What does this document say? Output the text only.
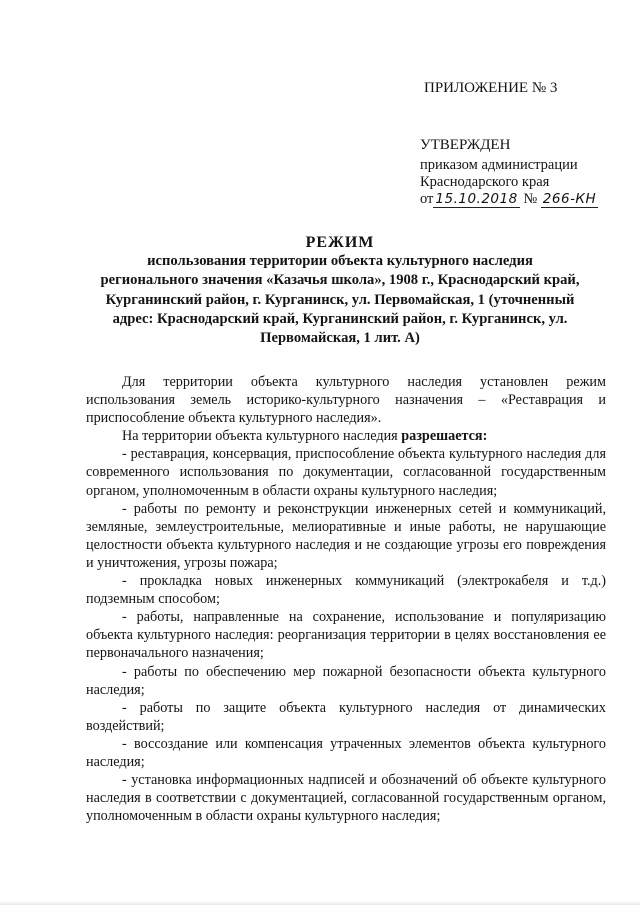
ПРИЛОЖЕНИЕ № 3
УТВЕРЖДЕН
приказом администрации
Краснодарского края
от 15.10.2018 № 266-КН
РЕЖИМ
использования территории объекта культурного наследия регионального значения «Казачья школа», 1908 г., Краснодарский край, Курганинский район, г. Курганинск, ул. Первомайская, 1 (уточненный адрес: Краснодарский край, Курганинский район, г. Курганинск, ул. Первомайская, 1 лит. А)

Для территории объекта культурного наследия установлен режим использования земель историко-культурного назначения – «Реставрация и приспособление объекта культурного наследия».

На территории объекта культурного наследия разрешается:

- реставрация, консервация, приспособление объекта культурного наследия для современного использования по документации, согласованной государственным органом, уполномоченным в области охраны культурного наследия;

- работы по ремонту и реконструкции инженерных сетей и коммуникаций, земляные, землеустроительные, мелиоративные и иные работы, не нарушающие целостности объекта культурного наследия и не создающие угрозы его повреждения и уничтожения, угрозы пожара;

- прокладка новых инженерных коммуникаций (электрокабеля и т.д.) подземным способом;

- работы, направленные на сохранение, использование и популяризацию объекта культурного наследия: реорганизация территории в целях восстановления ее первоначального назначения;

- работы по обеспечению мер пожарной безопасности объекта культурного наследия;

- работы по защите объекта культурного наследия от динамических воздействий;

- воссоздание или компенсация утраченных элементов объекта культурного наследия;

- установка информационных надписей и обозначений об объекте культурного наследия в соответствии с документацией, согласованной государственным органом, уполномоченным в области охраны культурного наследия;
